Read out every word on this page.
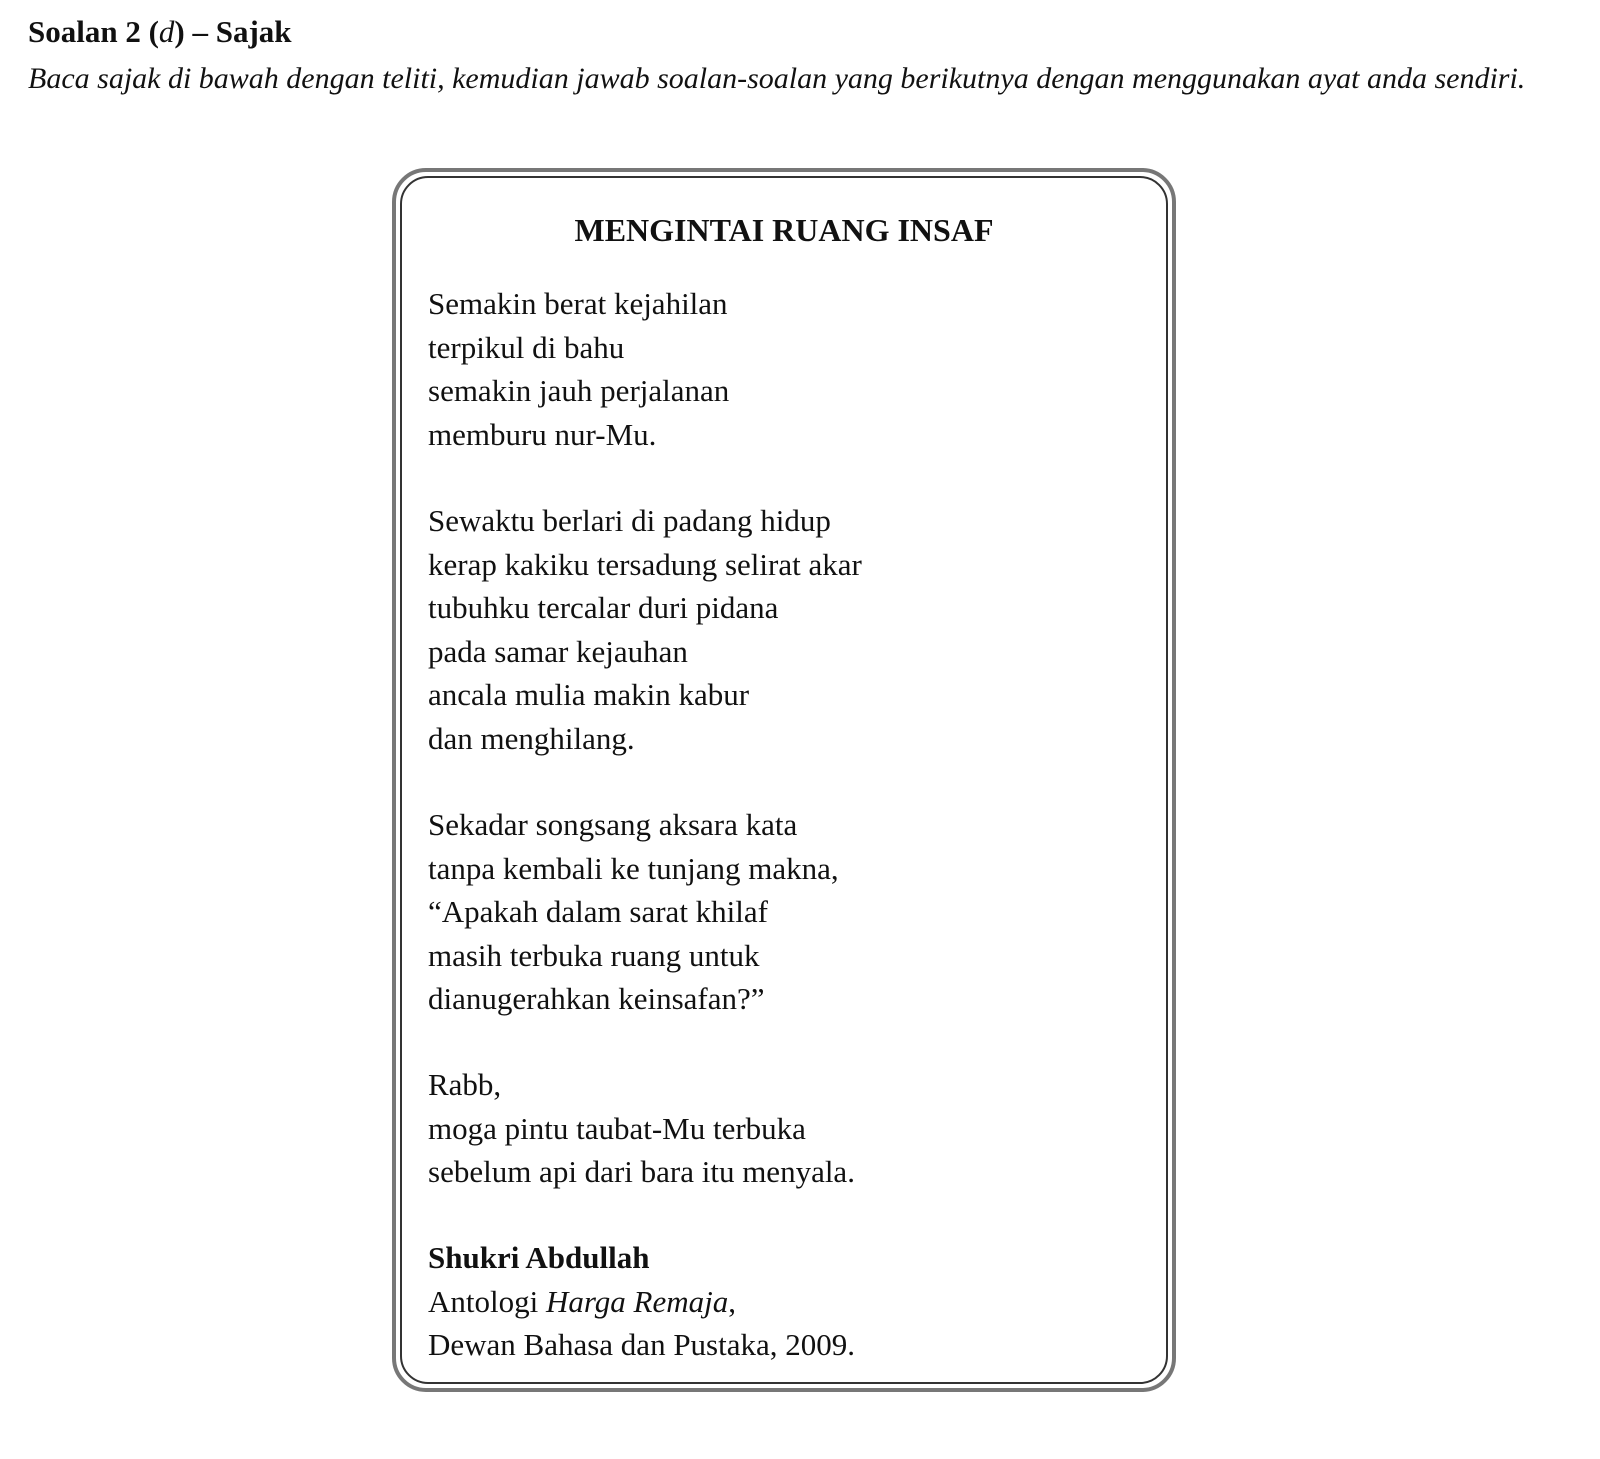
Soalan 2 (d) – Sajak
Baca sajak di bawah dengan teliti, kemudian jawab soalan-soalan yang berikutnya dengan menggunakan ayat anda sendiri.
MENGINTAI RUANG INSAF
Semakin berat kejahilan
terpikul di bahu
semakin jauh perjalanan
memburu nur-Mu.
Sewaktu berlari di padang hidup
kerap kakiku tersadung selirat akar
tubuhku tercalar duri pidana
pada samar kejauhan
ancala mulia makin kabur
dan menghilang.
Sekadar songsang aksara kata
tanpa kembali ke tunjang makna,
“Apakah dalam sarat khilaf
masih terbuka ruang untuk
dianugerahkan keinsafan?”
Rabb,
moga pintu taubat-Mu terbuka
sebelum api dari bara itu menyala.
Shukri Abdullah
Antologi Harga Remaja,
Dewan Bahasa dan Pustaka, 2009.
